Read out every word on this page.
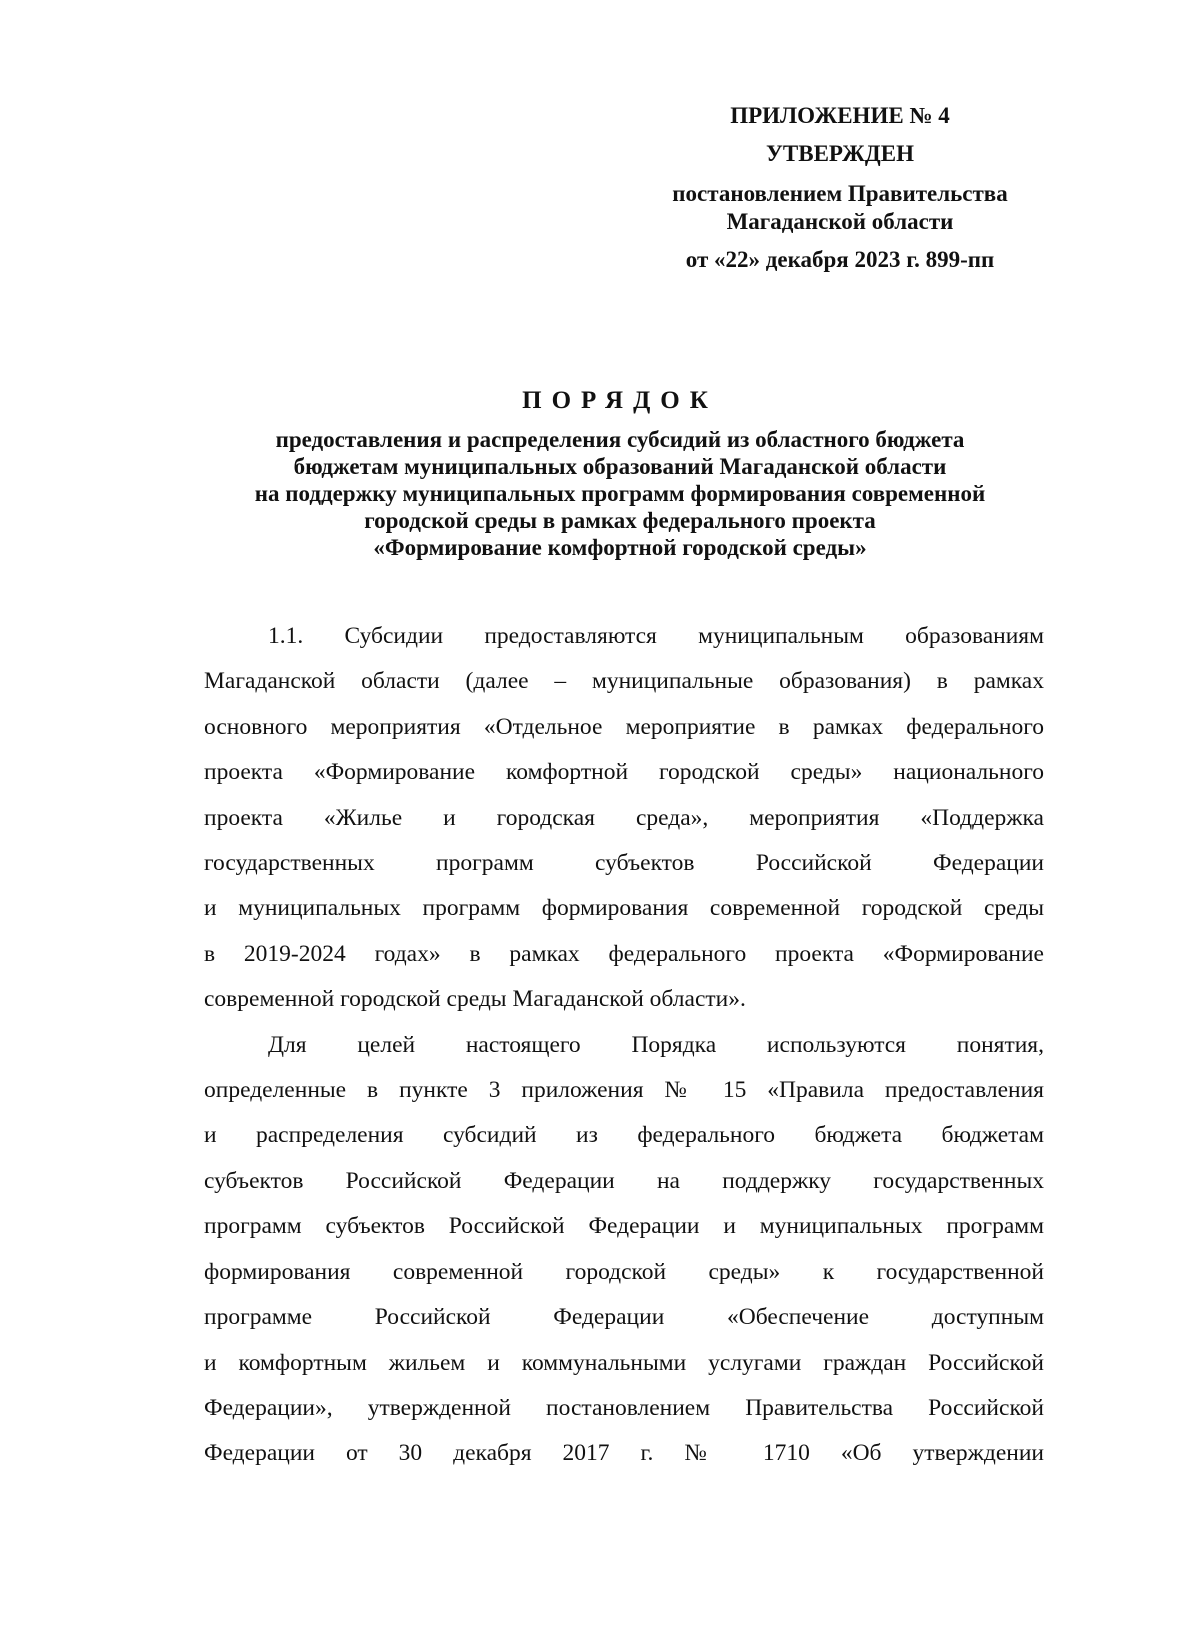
ПРИЛОЖЕНИЕ № 4
УТВЕРЖДЕН
постановлением Правительства
Магаданской области
от «22» декабря 2023 г. 899-пп
ПОРЯДОК
предоставления и распределения субсидий из областного бюджета
бюджетам муниципальных образований Магаданской области
на поддержку муниципальных программ формирования современной
городской среды в рамках федерального проекта
«Формирование комфортной городской среды»

1.1. Субсидии предоставляются муниципальным образованиям
Магаданской области (далее – муниципальные образования) в рамках
основного мероприятия «Отдельное мероприятие в рамках федерального
проекта «Формирование комфортной городской среды» национального
проекта «Жилье и городская среда», мероприятия «Поддержка
государственных программ субъектов Российской Федерации
и муниципальных программ формирования современной городской среды
в 2019-2024 годах» в рамках федерального проекта «Формирование
современной городской среды Магаданской области».

Для целей настоящего Порядка используются понятия,
определенные в пункте 3 приложения № 15 «Правила предоставления
и распределения субсидий из федерального бюджета бюджетам
субъектов Российской Федерации на поддержку государственных
программ субъектов Российской Федерации и муниципальных программ
формирования современной городской среды» к государственной
программе Российской Федерации «Обеспечение доступным
и комфортным жильем и коммунальными услугами граждан Российской
Федерации», утвержденной постановлением Правительства Российской
Федерации от 30 декабря 2017 г. № 1710 «Об утверждении
